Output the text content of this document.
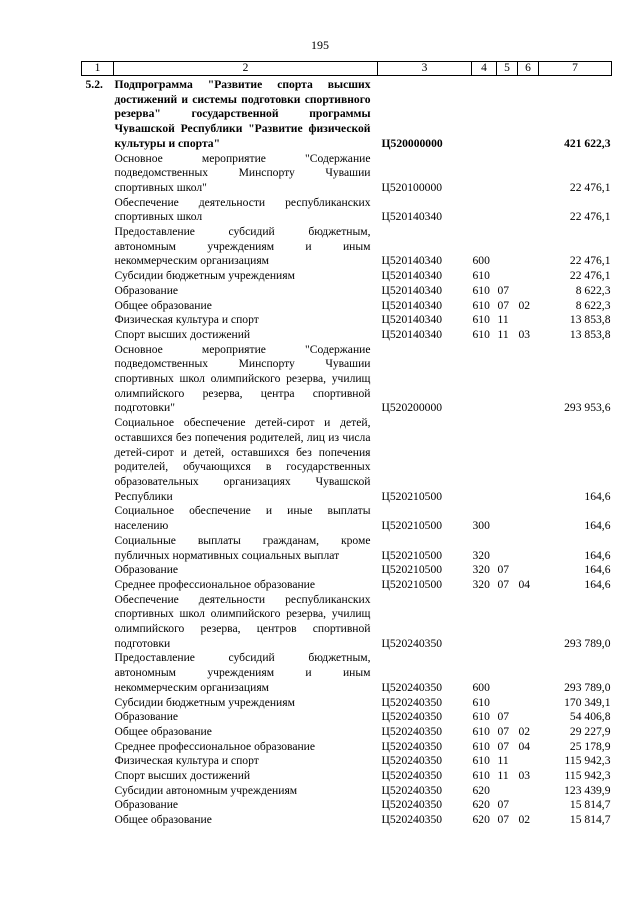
195
1	2	3	4	5	6	7
5.2.	Подпрограмма "Развитие спорта высших достижений и системы подготовки спортивного резерва" государственной программы Чувашской Республики "Развитие физической культуры и спорта"	Ц520000000				421 622,3
	Основное мероприятие "Содержание подведомственных Минспорту Чувашии спортивных школ"	Ц520100000				22 476,1
	Обеспечение деятельности республиканских спортивных школ	Ц520140340				22 476,1
	Предоставление субсидий бюджетным, автономным учреждениям и иным некоммерческим организациям	Ц520140340	600			22 476,1
	Субсидии бюджетным учреждениям	Ц520140340	610			22 476,1
	Образование	Ц520140340	610	07		8 622,3
	Общее образование	Ц520140340	610	07	02	8 622,3
	Физическая культура и спорт	Ц520140340	610	11		13 853,8
	Спорт высших достижений	Ц520140340	610	11	03	13 853,8
	Основное мероприятие "Содержание подведомственных Минспорту Чувашии спортивных школ олимпийского резерва, училищ олимпийского резерва, центра спортивной подготовки"	Ц520200000				293 953,6
	Социальное обеспечение детей-сирот и детей, оставшихся без попечения родителей, лиц из числа детей-сирот и детей, оставшихся без попечения родителей, обучающихся в государственных образовательных организациях Чувашской Республики	Ц520210500				164,6
	Социальное обеспечение и иные выплаты населению	Ц520210500	300			164,6
	Социальные выплаты гражданам, кроме публичных нормативных социальных выплат	Ц520210500	320			164,6
	Образование	Ц520210500	320	07		164,6
	Среднее профессиональное образование	Ц520210500	320	07	04	164,6
	Обеспечение деятельности республиканских спортивных школ олимпийского резерва, училищ олимпийского резерва, центров спортивной подготовки	Ц520240350				293 789,0
	Предоставление субсидий бюджетным, автономным учреждениям и иным некоммерческим организациям	Ц520240350	600			293 789,0
	Субсидии бюджетным учреждениям	Ц520240350	610			170 349,1
	Образование	Ц520240350	610	07		54 406,8
	Общее образование	Ц520240350	610	07	02	29 227,9
	Среднее профессиональное образование	Ц520240350	610	07	04	25 178,9
	Физическая культура и спорт	Ц520240350	610	11		115 942,3
	Спорт высших достижений	Ц520240350	610	11	03	115 942,3
	Субсидии автономным учреждениям	Ц520240350	620			123 439,9
	Образование	Ц520240350	620	07		15 814,7
	Общее образование	Ц520240350	620	07	02	15 814,7
